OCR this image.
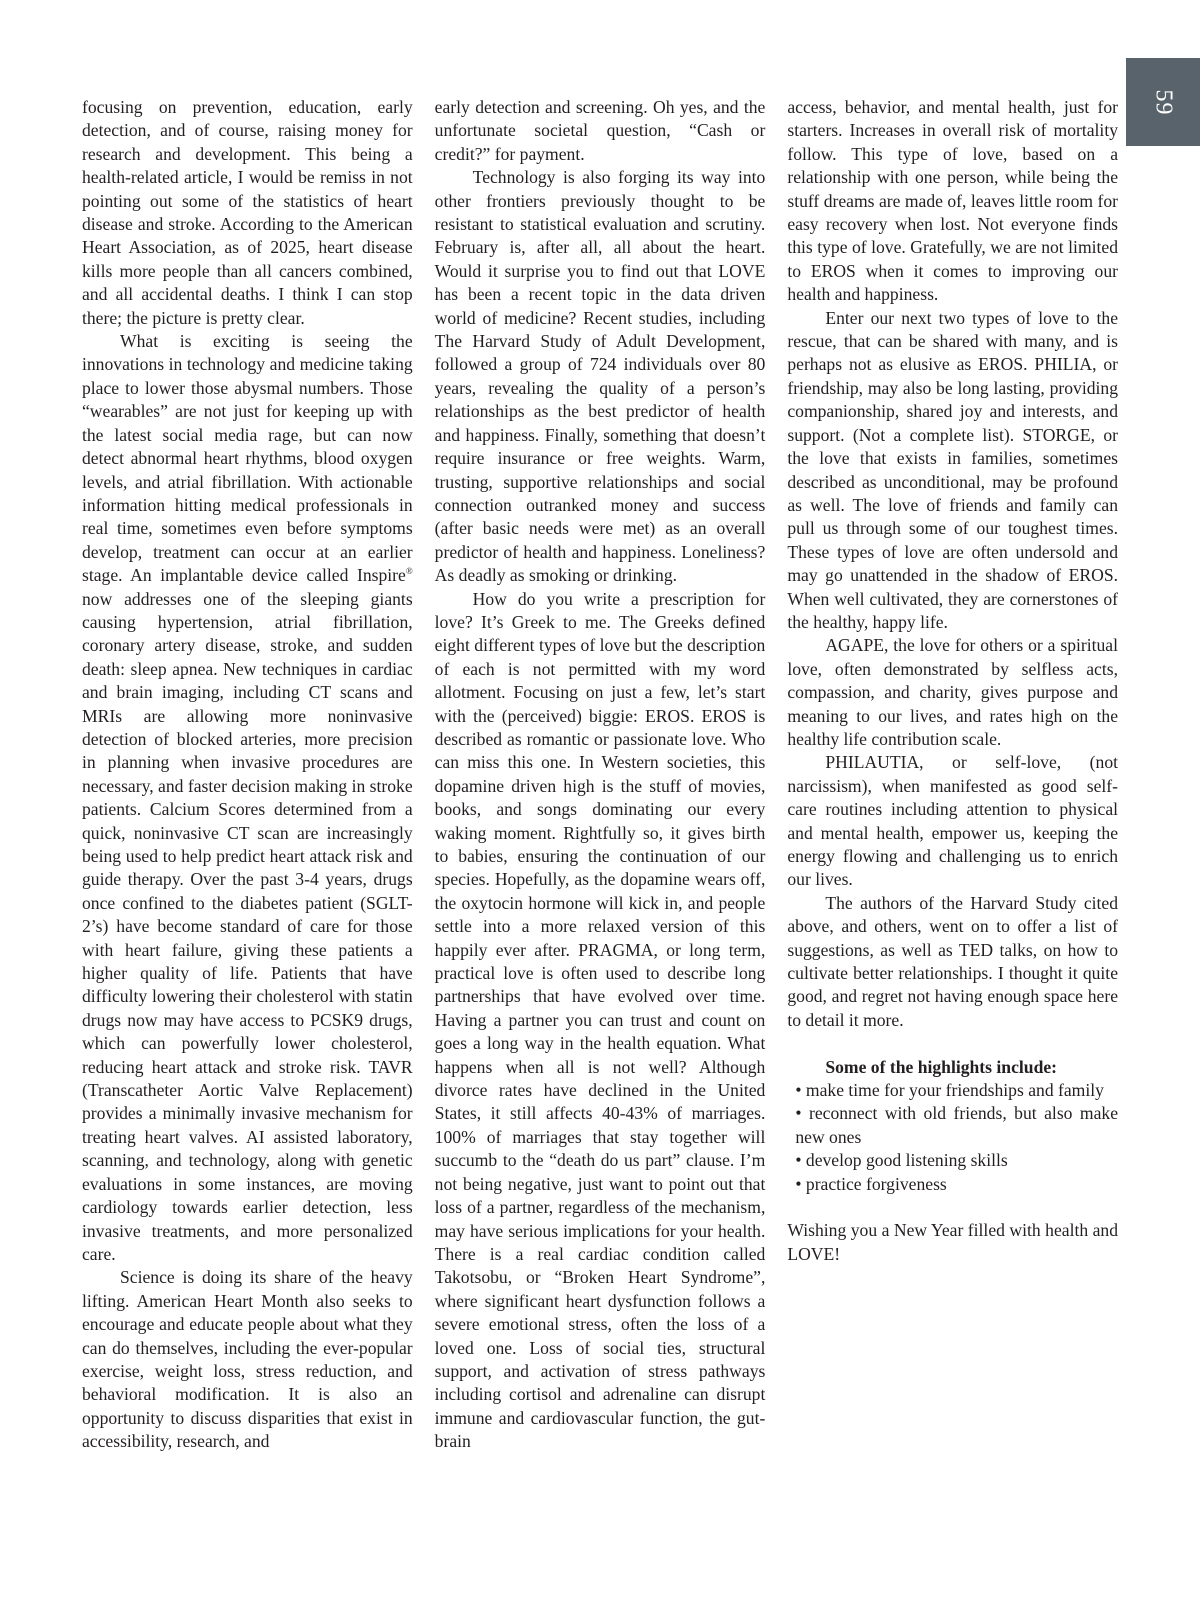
59

focusing on prevention, education, early detection, and of course, raising money for research and development. This being a health-related article, I would be remiss in not pointing out some of the statistics of heart disease and stroke. According to the American Heart Association, as of 2025, heart disease kills more people than all cancers combined, and all accidental deaths. I think I can stop there; the picture is pretty clear.

What is exciting is seeing the innovations in technology and medicine taking place to lower those abysmal numbers. Those “wearables” are not just for keeping up with the latest social media rage, but can now detect abnormal heart rhythms, blood oxygen levels, and atrial fibrillation. With actionable information hitting medical professionals in real time, sometimes even before symptoms develop, treatment can occur at an earlier stage. An implantable device called Inspire® now addresses one of the sleeping giants causing hypertension, atrial fibrillation, coronary artery disease, stroke, and sudden death: sleep apnea. New techniques in cardiac and brain imaging, including CT scans and MRIs are allowing more noninvasive detection of blocked arteries, more precision in planning when invasive procedures are necessary, and faster decision making in stroke patients. Calcium Scores determined from a quick, noninvasive CT scan are increasingly being used to help predict heart attack risk and guide therapy. Over the past 3-4 years, drugs once confined to the diabetes patient (SGLT-2’s) have become standard of care for those with heart failure, giving these patients a higher quality of life. Patients that have difficulty lowering their cholesterol with statin drugs now may have access to PCSK9 drugs, which can powerfully lower cholesterol, reducing heart attack and stroke risk. TAVR (Transcatheter Aortic Valve Replacement) provides a minimally invasive mechanism for treating heart valves. AI assisted laboratory, scanning, and technology, along with genetic evaluations in some instances, are moving cardiology towards earlier detection, less invasive treatments, and more personalized care.

Science is doing its share of the heavy lifting. American Heart Month also seeks to encourage and educate people about what they can do themselves, including the ever-popular exercise, weight loss, stress reduction, and behavioral modification. It is also an opportunity to discuss disparities that exist in accessibility, research, and

early detection and screening. Oh yes, and the unfortunate societal question, “Cash or credit?” for payment.

Technology is also forging its way into other frontiers previously thought to be resistant to statistical evaluation and scrutiny. February is, after all, all about the heart. Would it surprise you to find out that LOVE has been a recent topic in the data driven world of medicine? Recent studies, including The Harvard Study of Adult Development, followed a group of 724 individuals over 80 years, revealing the quality of a person’s relationships as the best predictor of health and happiness. Finally, something that doesn’t require insurance or free weights. Warm, trusting, supportive relationships and social connection outranked money and success (after basic needs were met) as an overall predictor of health and happiness. Loneliness? As deadly as smoking or drinking.

How do you write a prescription for love? It’s Greek to me. The Greeks defined eight different types of love but the description of each is not permitted with my word allotment. Focusing on just a few, let’s start with the (perceived) biggie: EROS. EROS is described as romantic or passionate love. Who can miss this one. In Western societies, this dopamine driven high is the stuff of movies, books, and songs dominating our every waking moment. Rightfully so, it gives birth to babies, ensuring the continuation of our species. Hopefully, as the dopamine wears off, the oxytocin hormone will kick in, and people settle into a more relaxed version of this happily ever after. PRAGMA, or long term, practical love is often used to describe long partnerships that have evolved over time. Having a partner you can trust and count on goes a long way in the health equation. What happens when all is not well? Although divorce rates have declined in the United States, it still affects 40-43% of marriages. 100% of marriages that stay together will succumb to the “death do us part” clause. I’m not being negative, just want to point out that loss of a partner, regardless of the mechanism, may have serious implications for your health. There is a real cardiac condition called Takotsobu, or “Broken Heart Syndrome”, where significant heart dysfunction follows a severe emotional stress, often the loss of a loved one. Loss of social ties, structural support, and activation of stress pathways including cortisol and adrenaline can disrupt immune and cardiovascular function, the gut-brain

access, behavior, and mental health, just for starters. Increases in overall risk of mortality follow. This type of love, based on a relationship with one person, while being the stuff dreams are made of, leaves little room for easy recovery when lost. Not everyone finds this type of love. Gratefully, we are not limited to EROS when it comes to improving our health and happiness.

Enter our next two types of love to the rescue, that can be shared with many, and is perhaps not as elusive as EROS. PHILIA, or friendship, may also be long lasting, providing companionship, shared joy and interests, and support. (Not a complete list). STORGE, or the love that exists in families, sometimes described as unconditional, may be profound as well. The love of friends and family can pull us through some of our toughest times. These types of love are often undersold and may go unattended in the shadow of EROS. When well cultivated, they are cornerstones of the healthy, happy life.

AGAPE, the love for others or a spiritual love, often demonstrated by selfless acts, compassion, and charity, gives purpose and meaning to our lives, and rates high on the healthy life contribution scale.

PHILAUTIA, or self-love, (not narcissism), when manifested as good self-care routines including attention to physical and mental health, empower us, keeping the energy flowing and challenging us to enrich our lives.

The authors of the Harvard Study cited above, and others, went on to offer a list of suggestions, as well as TED talks, on how to cultivate better relationships. I thought it quite good, and regret not having enough space here to detail it more.

Some of the highlights include:

• make time for your friendships and family
• reconnect with old friends, but also make new ones
• develop good listening skills
• practice forgiveness

Wishing you a New Year filled with health and LOVE!
